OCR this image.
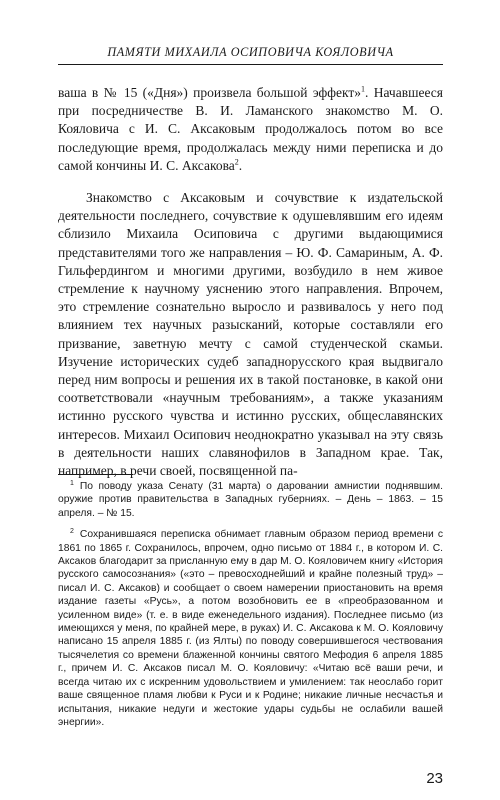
ПАМЯТИ МИХАИЛА ОСИПОВИЧА КОЯЛОВИЧА

ваша в № 15 («Дня») произвела большой эффект»$^1$. Начавшееся при посредничестве В. И. Ламанского знакомство М. О. Кояловича с И. С. Аксаковым продолжалось потом во все последующие время, продолжалась между ними переписка и до самой кончины И. С. Аксакова$^2$.

Знакомство с Аксаковым и сочувствие к издательской деятельности последнего, сочувствие к одушевлявшим его идеям сблизило Михаила Осиповича с другими выдающимися представителями того же направления – Ю. Ф. Самариным, А. Ф. Гильфердингом и многими другими, возбудило в нем живое стремление к научному уяснению этого направления. Впрочем, это стремление сознательно выросло и развивалось у него под влиянием тех научных разысканий, которые составляли его призвание, заветную мечту с самой студенческой скамьи. Изучение исторических судеб западнорусского края выдвигало перед ним вопросы и решения их в такой постановке, в какой они соответствовали «научным требованиям», а также указаниям истинно русского чувства и истинно русских, общеславянских интересов. Михаил Осипович неоднократно указывал на эту связь в деятельности наших славянофилов в Западном крае. Так, например, в речи своей, посвященной па-

$^1$ По поводу указа Сенату (31 марта) о даровании амнистии поднявшим. оружие против правительства в Западных губерниях. – День – 1863. – 15 апреля. – № 15.

$^2$ Сохранившаяся переписка обнимает главным образом период времени с 1861 по 1865 г. Сохранилось, впрочем, одно письмо от 1884 г., в котором И. С. Аксаков благодарит за присланную ему в дар М. О. Кояловичем книгу «История русского самосознания» («это – превосходнейший и крайне полезный труд» – писал И. С. Аксаков) и сообщает о своем намерении приостановить на время издание газеты «Русь», а потом возобновить ее в «преобразованном и усиленном виде» (т. е. в виде еженедельного издания). Последнее письмо (из имеющихся у меня, по крайней мере, в руках) И. С. Аксакова к М. О. Кояловичу написано 15 апреля 1885 г. (из Ялты) по поводу совершившегося чествования тысячелетия со времени блаженной кончины святого Мефодия 6 апреля 1885 г., причем И. С. Аксаков писал М. О. Кояловичу: «Читаю всё ваши речи, и всегда читаю их с искренним удовольствием и умилением: так неослабо горит ваше священное пламя любви к Руси и к Родине; никакие личные несчастья и испытания, никакие недуги и жестокие удары судьбы не ослабили вашей энергии».

23
